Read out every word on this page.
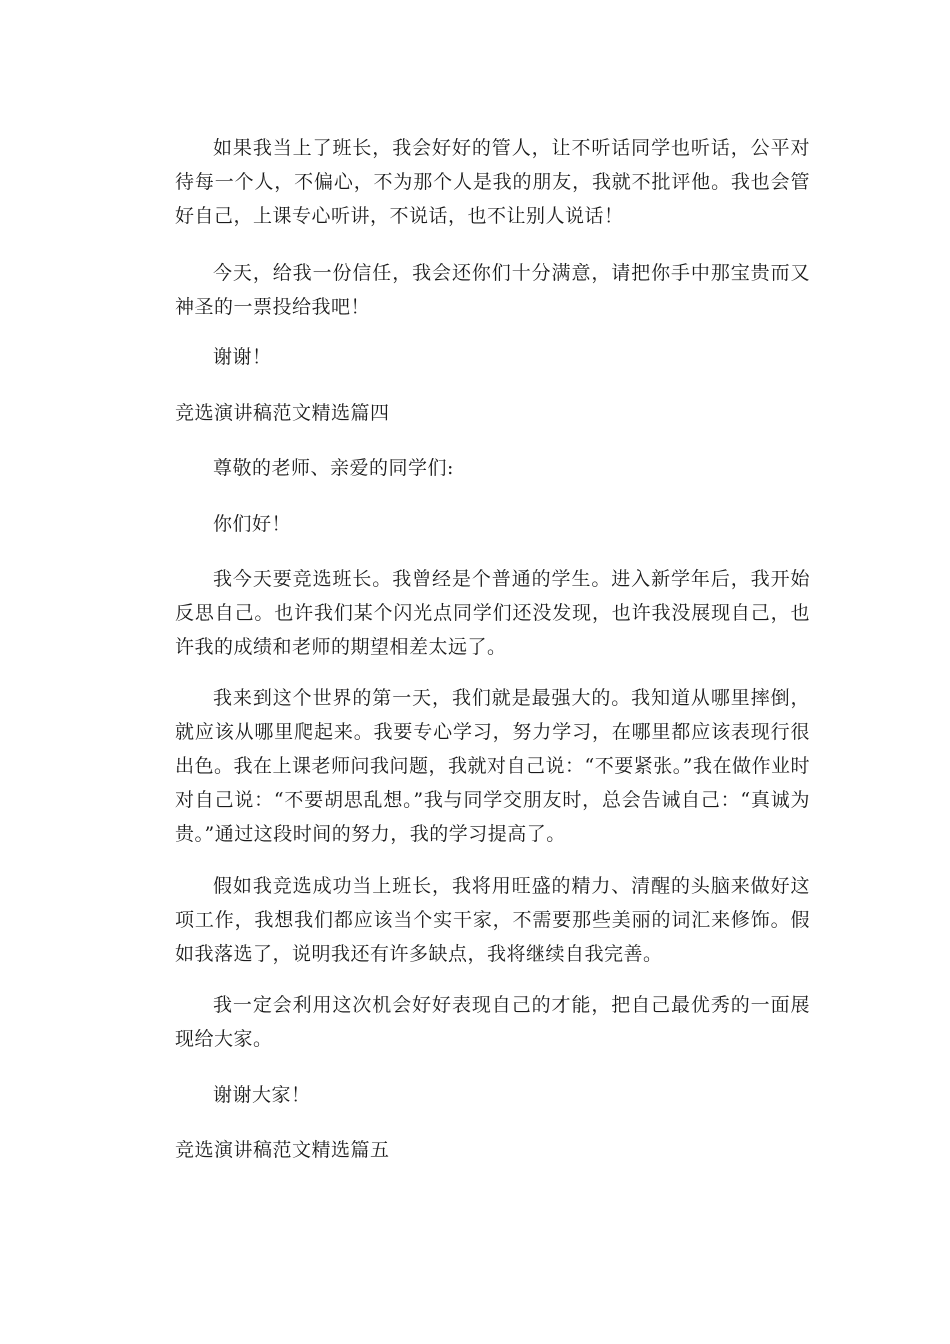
如果我当上了班长，我会好好的管人，让不听话同学也听话，公平对待每一个人，不偏心，不为那个人是我的朋友，我就不批评他。我也会管好自己，上课专心听讲，不说话，也不让别人说话！

今天，给我一份信任，我会还你们十分满意，请把你手中那宝贵而又神圣的一票投给我吧！

谢谢！

竞选演讲稿范文精选篇四

尊敬的老师、亲爱的同学们:

你们好！

我今天要竞选班长。我曾经是个普通的学生。进入新学年后，我开始反思自己。也许我们某个闪光点同学们还没发现，也许我没展现自己，也许我的成绩和老师的期望相差太远了。

我来到这个世界的第一天，我们就是最强大的。我知道从哪里摔倒，就应该从哪里爬起来。我要专心学习，努力学习，在哪里都应该表现行很出色。我在上课老师问我问题，我就对自己说：“不要紧张。”我在做作业时对自己说：“不要胡思乱想。”我与同学交朋友时，总会告诫自己：“真诚为贵。”通过这段时间的努力，我的学习提高了。

假如我竞选成功当上班长，我将用旺盛的精力、清醒的头脑来做好这项工作，我想我们都应该当个实干家，不需要那些美丽的词汇来修饰。假如我落选了，说明我还有许多缺点，我将继续自我完善。

我一定会利用这次机会好好表现自己的才能，把自己最优秀的一面展现给大家。

谢谢大家！

竞选演讲稿范文精选篇五
